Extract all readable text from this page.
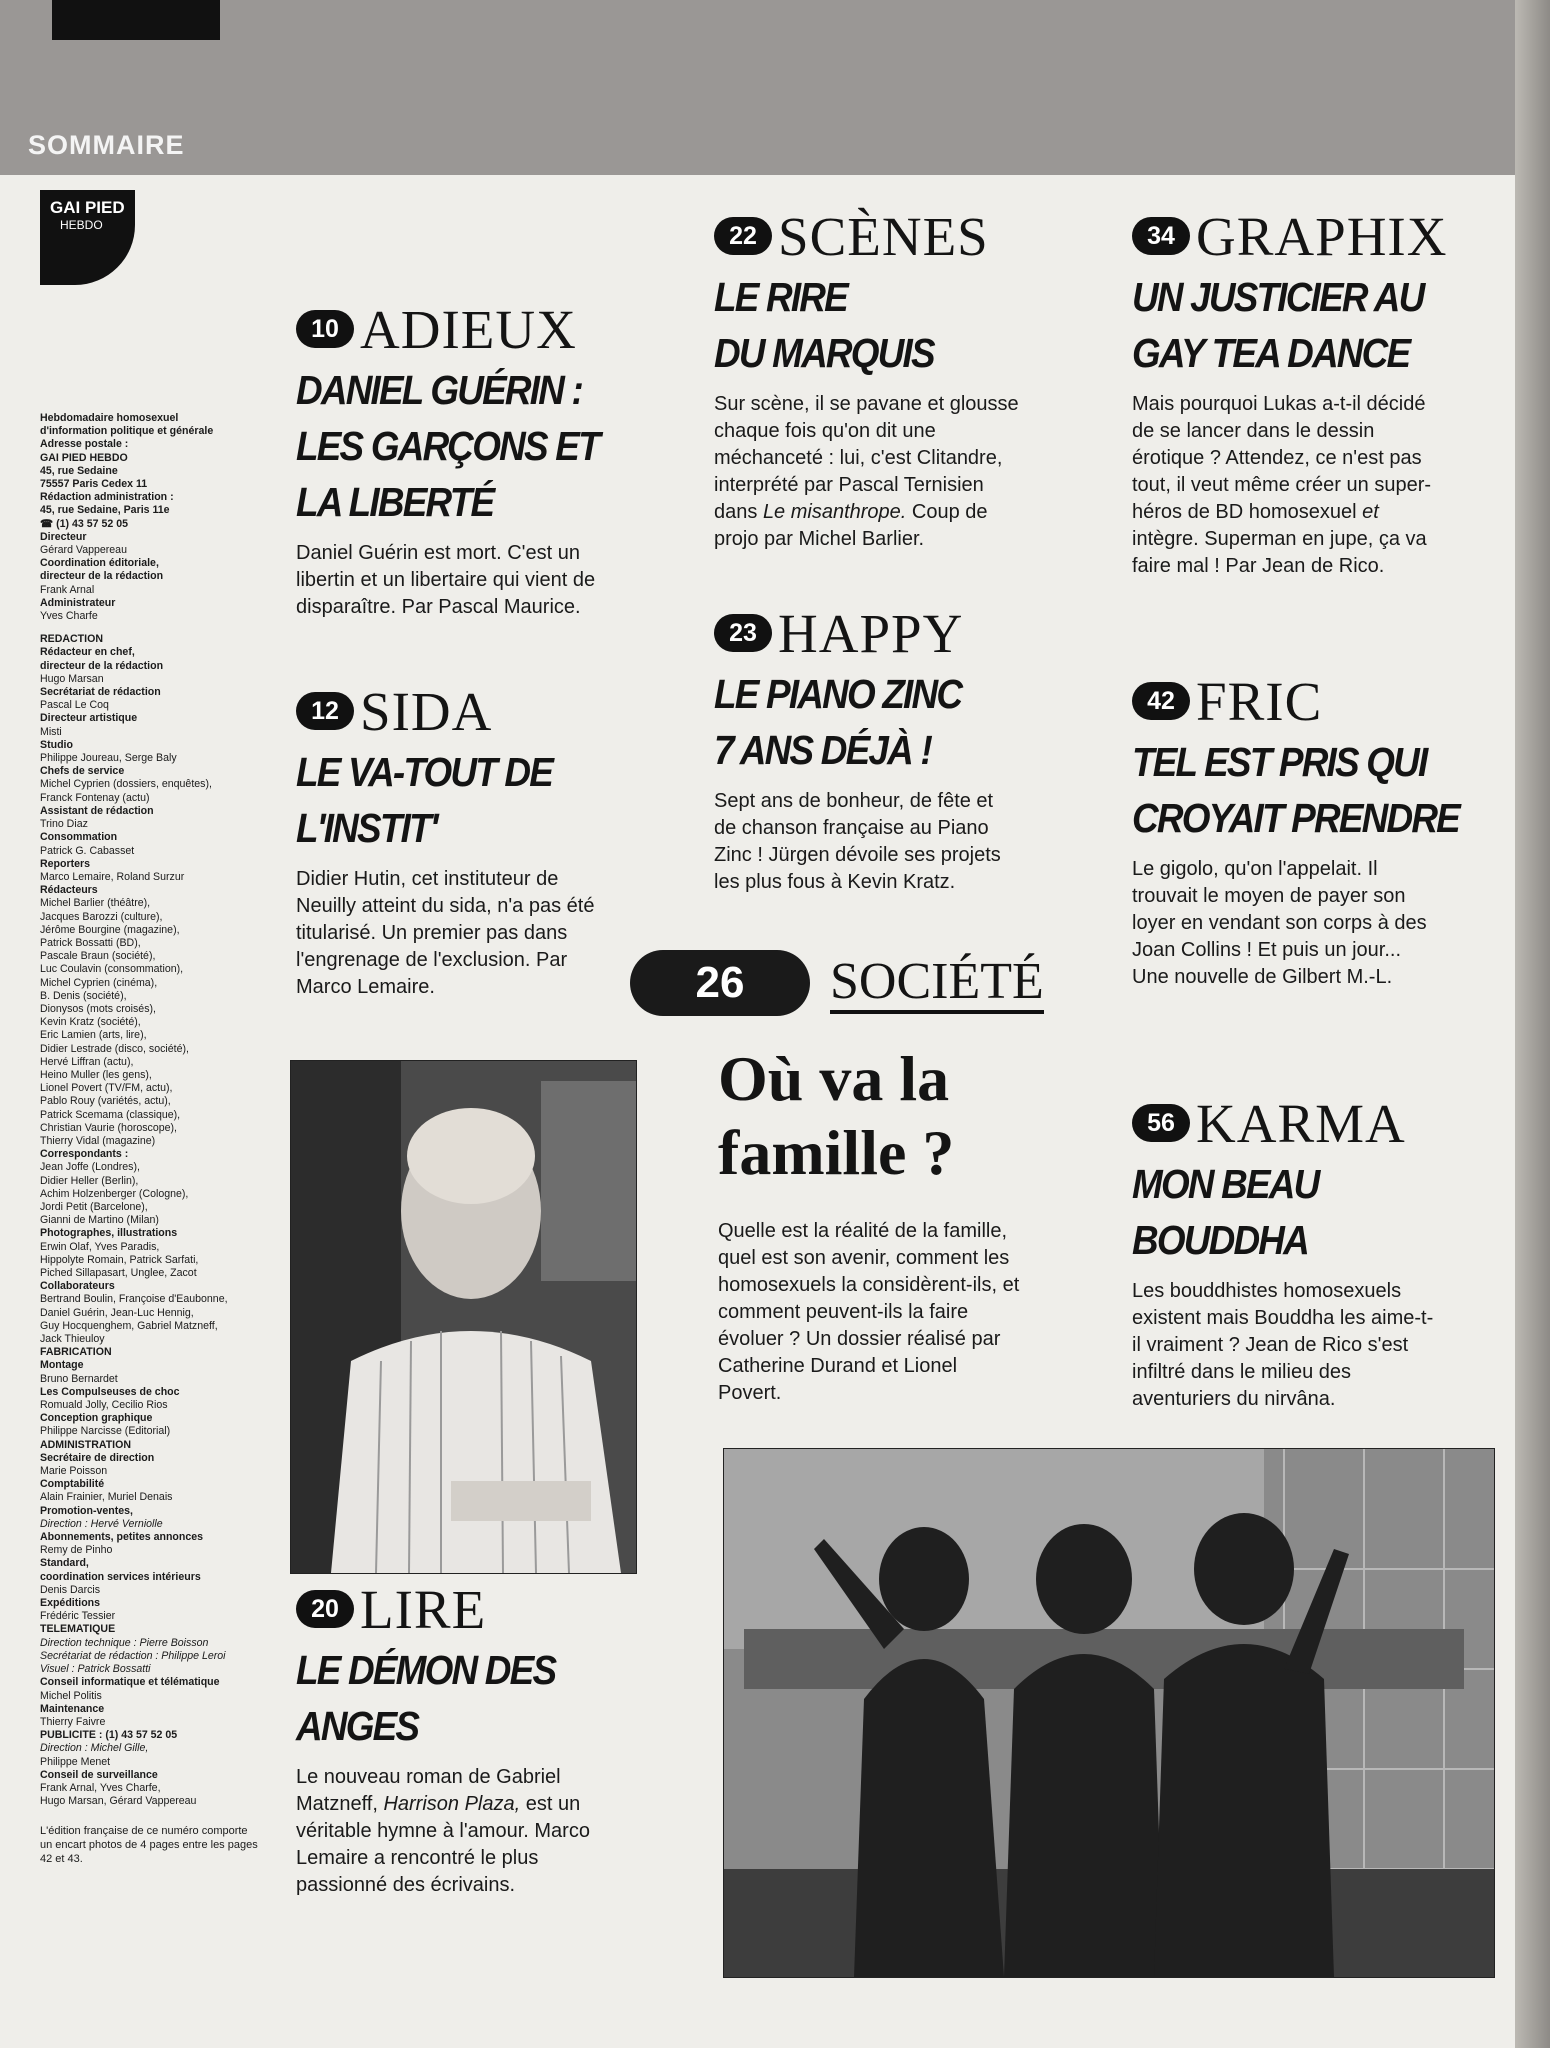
SOMMAIRE
ﾠ
GAI PIED
HEBDO
Hebdomadaire homosexuel
d'information politique et générale
Adresse postale :
GAI PIED HEBDO
45, rue Sedaine
75557 Paris Cedex 11
Rédaction administration :
45, rue Sedaine, Paris 11e
☎ (1) 43 57 52 05
Directeur
Gérard Vappereau
Coordination éditoriale,
directeur de la rédaction
Frank Arnal
Administrateur
Yves Charfe
REDACTION
Rédacteur en chef,
directeur de la rédaction
Hugo Marsan
Secrétariat de rédaction
Pascal Le Coq
Directeur artistique
Misti
Studio
Philippe Joureau, Serge Baly
Chefs de service
Michel Cyprien (dossiers, enquêtes),
Franck Fontenay (actu)
Assistant de rédaction
Trino Diaz
Consommation
Patrick G. Cabasset
Reporters
Marco Lemaire, Roland Surzur
Rédacteurs
Michel Barlier (théâtre),
Jacques Barozzi (culture),
Jérôme Bourgine (magazine),
Patrick Bossatti (BD),
Pascale Braun (société),
Luc Coulavin (consommation),
Michel Cyprien (cinéma),
B. Denis (société),
Dionysos (mots croisés),
Kevin Kratz (société),
Eric Lamien (arts, lire),
Didier Lestrade (disco, société),
Hervé Liffran (actu),
Heino Muller (les gens),
Lionel Povert (TV/FM, actu),
Pablo Rouy (variétés, actu),
Patrick Scemama (classique),
Christian Vaurie (horoscope),
Thierry Vidal (magazine)
Correspondants :
Jean Joffe (Londres),
Didier Heller (Berlin),
Achim Holzenberger (Cologne),
Jordi Petit (Barcelone),
Gianni de Martino (Milan)
Photographes, illustrations
Erwin Olaf, Yves Paradis,
Hippolyte Romain, Patrick Sarfati,
Piched Sillapasart, Unglee, Zacot
Collaborateurs
Bertrand Boulin, Françoise d'Eaubonne,
Daniel Guérin, Jean-Luc Hennig,
Guy Hocquenghem, Gabriel Matzneff,
Jack Thieuloy
FABRICATION
Montage
Bruno Bernardet
Les Compulseuses de choc
Romuald Jolly, Cecilio Rios
Conception graphique
Philippe Narcisse (Editorial)
ADMINISTRATION
Secrétaire de direction
Marie Poisson
Comptabilité
Alain Frainier, Muriel Denais
Promotion-ventes,
Direction : Hervé Verniolle
Abonnements, petites annonces
Remy de Pinho
Standard,
coordination services intérieurs
Denis Darcis
Expéditions
Frédéric Tessier
TELEMATIQUE
Direction technique : Pierre Boisson
Secrétariat de rédaction : Philippe Leroi
Visuel : Patrick Bossatti
Conseil informatique et télématique
Michel Politis
Maintenance
Thierry Faivre
PUBLICITE : (1) 43 57 52 05
Direction : Michel Gille,
Philippe Menet
Conseil de surveillance
Frank Arnal, Yves Charfe,
Hugo Marsan, Gérard Vappereau
L'édition française de ce numéro comporte un encart photos de 4 pages entre les pages 42 et 43.
10 ADIEUX
DANIEL GUÉRIN :
LES GARÇONS ET
LA LIBERTÉ
Daniel Guérin est mort. C'est un
libertin et un libertaire qui vient de
disparaître. Par Pascal Maurice.
12 SIDA
LE VA-TOUT DE
L'INSTIT'
Didier Hutin, cet instituteur de
Neuilly atteint du sida, n'a pas été
titularisé. Un premier pas dans
l'engrenage de l'exclusion. Par
Marco Lemaire.
20 LIRE
LE DÉMON DES
ANGES
Le nouveau roman de Gabriel
Matzneff, Harrison Plaza, est un
véritable hymne à l'amour. Marco
Lemaire a rencontré le plus
passionné des écrivains.
22 SCÈNES
LE RIRE
DU MARQUIS
Sur scène, il se pavane et glousse
chaque fois qu'on dit une
méchanceté : lui, c'est Clitandre,
interprété par Pascal Ternisien
dans Le misanthrope. Coup de
projo par Michel Barlier.
23 HAPPY
LE PIANO ZINC
7 ANS DÉJÀ !
Sept ans de bonheur, de fête et
de chanson française au Piano
Zinc ! Jürgen dévoile ses projets
les plus fous à Kevin Kratz.
26	SOCIÉTÉ
Où va la
famille ?
Quelle est la réalité de la famille,
quel est son avenir, comment les
homosexuels la considèrent-ils, et
comment peuvent-ils la faire
évoluer ? Un dossier réalisé par
Catherine Durand et Lionel
Povert.
34 GRAPHIX
UN JUSTICIER AU
GAY TEA DANCE
Mais pourquoi Lukas a-t-il décidé
de se lancer dans le dessin
érotique ? Attendez, ce n'est pas
tout, il veut même créer un super-
héros de BD homosexuel et
intègre. Superman en jupe, ça va
faire mal ! Par Jean de Rico.
42 FRIC
TEL EST PRIS QUI
CROYAIT PRENDRE
Le gigolo, qu'on l'appelait. Il
trouvait le moyen de payer son
loyer en vendant son corps à des
Joan Collins ! Et puis un jour...
Une nouvelle de Gilbert M.-L.
56 KARMA
MON BEAU
BOUDDHA
Les bouddhistes homosexuels
existent mais Bouddha les aime-t-
il vraiment ? Jean de Rico s'est
infiltré dans le milieu des
aventuriers du nirvâna.
